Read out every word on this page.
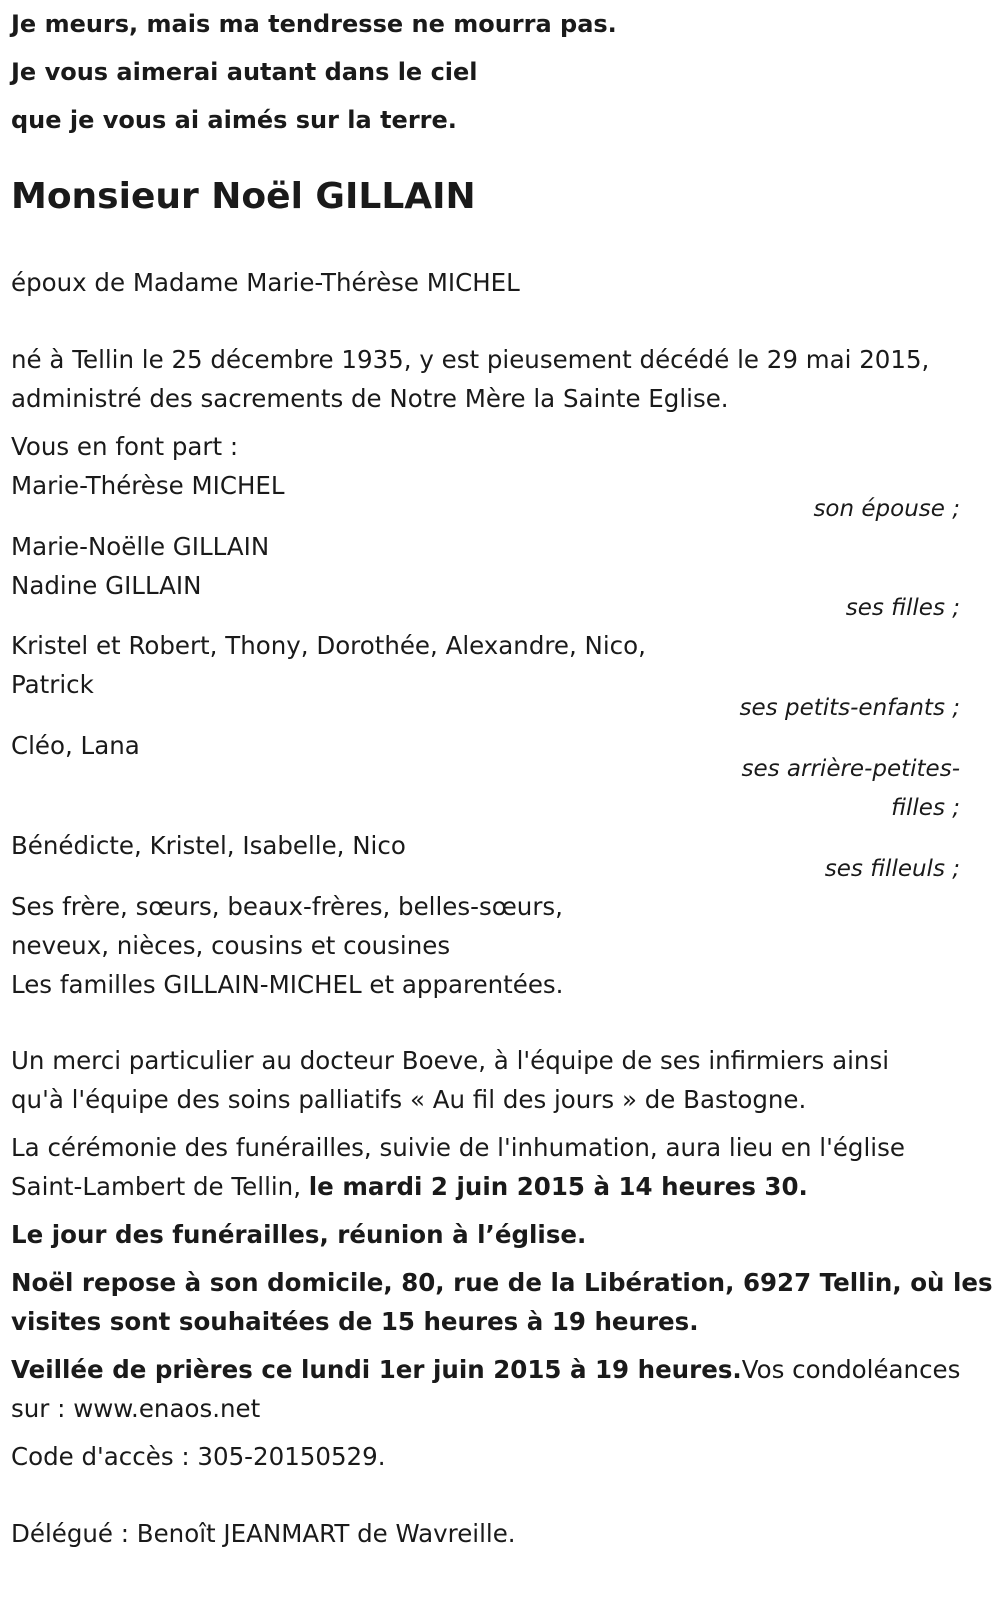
Je meurs, mais ma tendresse ne mourra pas.
Je vous aimerai autant dans le ciel
que je vous ai aimés sur la terre.
Monsieur Noël GILLAIN
époux de Madame Marie-Thérèse MICHEL
né à Tellin le 25 décembre 1935, y est pieusement décédé le 29 mai 2015,
administré des sacrements de Notre Mère la Sainte Eglise.
Vous en font part :
Marie-Thérèse MICHEL
son épouse ;
Marie-Noëlle GILLAIN
Nadine GILLAIN
ses filles ;
Kristel et Robert, Thony, Dorothée, Alexandre, Nico,
Patrick
ses petits-enfants ;
Cléo, Lana
ses arrière-petites-
filles ;
Bénédicte, Kristel, Isabelle, Nico
ses filleuls ;
Ses frère, sœurs, beaux-frères, belles-sœurs,
neveux, nièces, cousins et cousines
Les familles GILLAIN-MICHEL et apparentées.
Un merci particulier au docteur Boeve, à l'équipe de ses infirmiers ainsi
qu'à l'équipe des soins palliatifs « Au fil des jours » de Bastogne.
La cérémonie des funérailles, suivie de l'inhumation, aura lieu en l'église
Saint-Lambert de Tellin, le mardi 2 juin 2015 à 14 heures 30.
Le jour des funérailles, réunion à l’église.
Noël repose à son domicile, 80, rue de la Libération, 6927 Tellin, où les
visites sont souhaitées de 15 heures à 19 heures.
Veillée de prières ce lundi 1er juin 2015 à 19 heures.Vos condoléances
sur : www.enaos.net
Code d'accès : 305-20150529.
Délégué : Benoît JEANMART de Wavreille.
